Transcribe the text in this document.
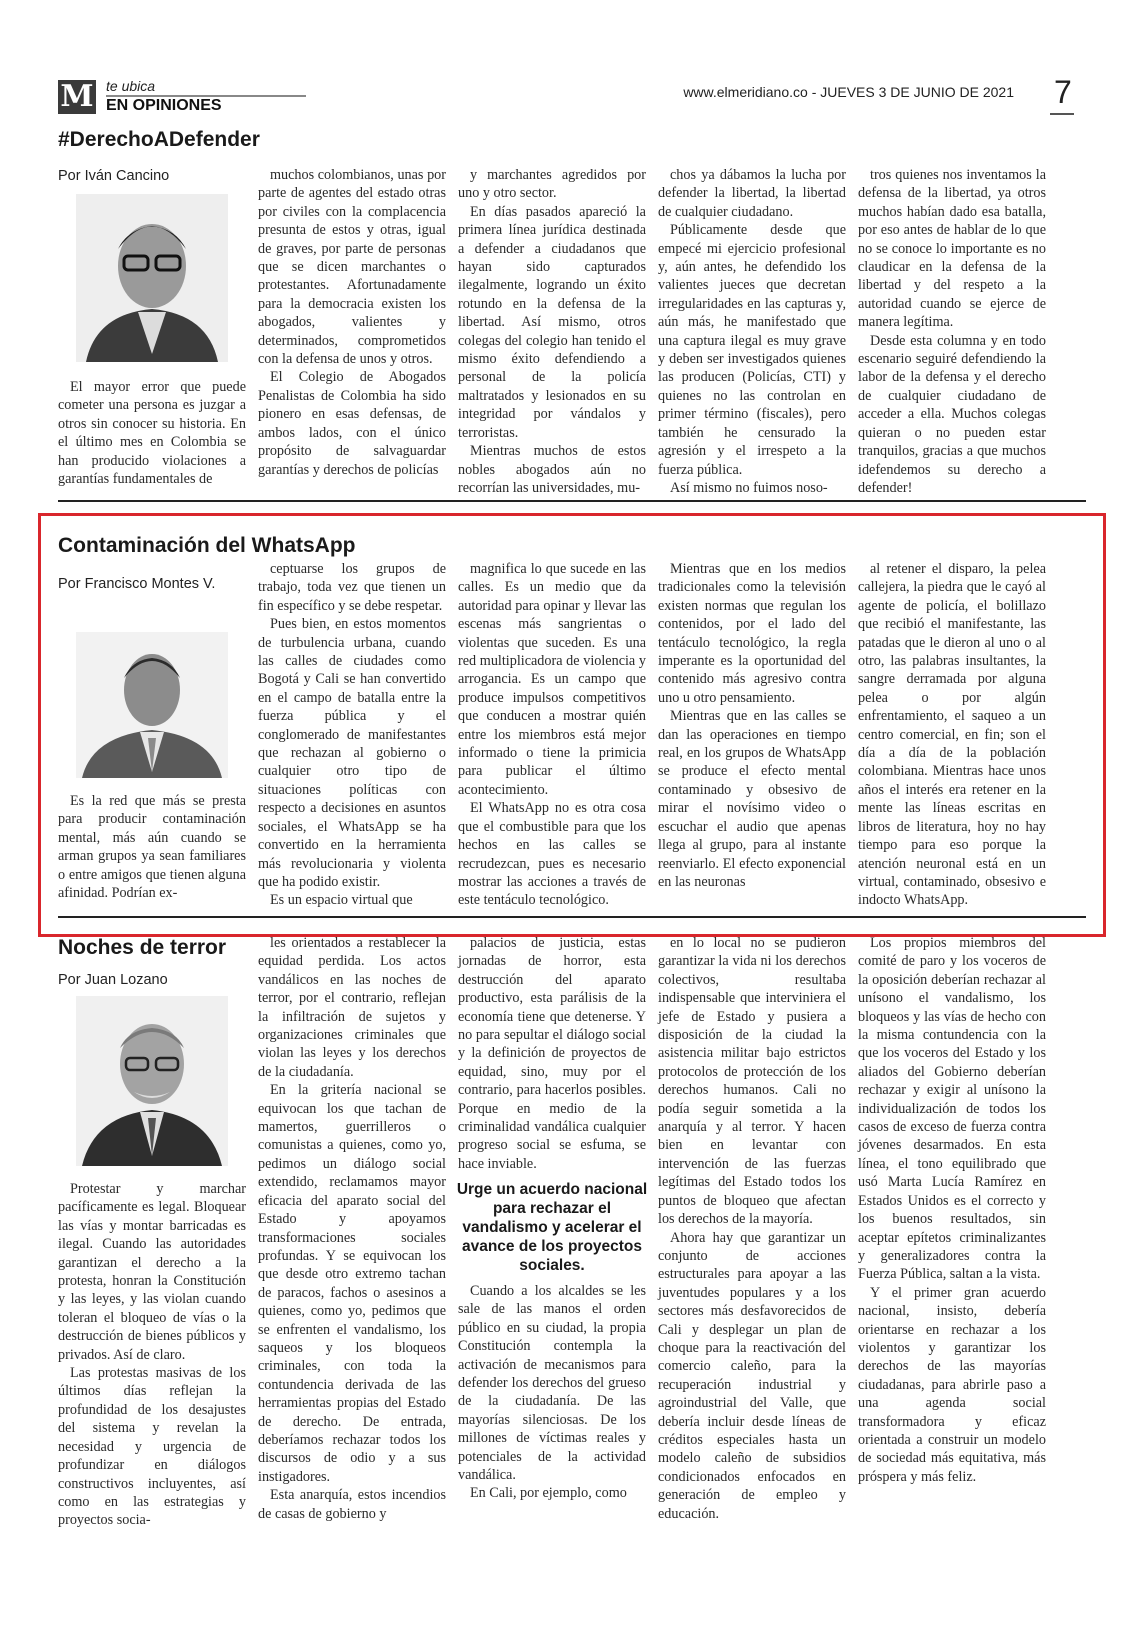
M te ubica
EN OPINIONES
www.elmeridiano.co - JUEVES 3 DE JUNIO DE 2021 7
#DerechoADefender
Por Iván Cancino

El mayor error que puede cometer una persona es juzgar a otros sin conocer su historia. En el último mes en Colombia se han producido violaciones a garantías fundamentales de

muchos colombianos, unas por parte de agentes del estado otras por civiles con la complacencia presunta de estos y otras, igual de graves, por parte de personas que se dicen marchantes o protestantes. Afortunadamente para la democracia existen los abogados, valientes y determinados, comprometidos con la defensa de unos y otros.

El Colegio de Abogados Penalistas de Colombia ha sido pionero en esas defensas, de ambos lados, con el único propósito de salvaguardar garantías y derechos de policías

y marchantes agredidos por uno y otro sector.

En días pasados apareció la primera línea jurídica destinada a defender a ciudadanos que hayan sido capturados ilegalmente, logrando un éxito rotundo en la defensa de la libertad. Así mismo, otros colegas del colegio han tenido el mismo éxito defendiendo a personal de la policía maltratados y lesionados en su integridad por vándalos y terroristas.

Mientras muchos de estos nobles abogados aún no recorrían las universidades, mu-

chos ya dábamos la lucha por defender la libertad, la libertad de cualquier ciudadano.

Públicamente desde que empecé mi ejercicio profesional y, aún antes, he defendido los valientes jueces que decretan irregularidades en las capturas y, aún más, he manifestado que una captura ilegal es muy grave y deben ser investigados quienes las producen (Policías, CTI) y quienes no las controlan en primer término (fiscales), pero también he censurado la agresión y el irrespeto a la fuerza pública.

Así mismo no fuimos noso-

tros quienes nos inventamos la defensa de la libertad, ya otros muchos habían dado esa batalla, por eso antes de hablar de lo que no se conoce lo importante es no claudicar en la defensa de la libertad y del respeto a la autoridad cuando se ejerce de manera legítima.

Desde esta columna y en todo escenario seguiré defendiendo la labor de la defensa y el derecho de cualquier ciudadano de acceder a ella. Muchos colegas quieran o no pueden estar tranquilos, gracias a que muchos idefendemos su derecho a defender!

Contaminación del WhatsApp
Por Francisco Montes V.

Es la red que más se presta para producir contaminación mental, más aún cuando se arman grupos ya sean familiares o entre amigos que tienen alguna afinidad. Podrían ex-

ceptuarse los grupos de trabajo, toda vez que tienen un fin específico y se debe respetar.

Pues bien, en estos momentos de turbulencia urbana, cuando las calles de ciudades como Bogotá y Cali se han convertido en el campo de batalla entre la fuerza pública y el conglomerado de manifestantes que rechazan al gobierno o cualquier otro tipo de situaciones políticas con respecto a decisiones en asuntos sociales, el WhatsApp se ha convertido en la herramienta más revolucionaria y violenta que ha podido existir.

Es un espacio virtual que

magnifica lo que sucede en las calles. Es un medio que da autoridad para opinar y llevar las escenas más sangrientas o violentas que suceden. Es una red multiplicadora de violencia y arrogancia. Es un campo que produce impulsos competitivos que conducen a mostrar quién entre los miembros está mejor informado o tiene la primicia para publicar el último acontecimiento.

El WhatsApp no es otra cosa que el combustible para que los hechos en las calles se recrudezcan, pues es necesario mostrar las acciones a través de este tentáculo tecnológico.

Mientras que en los medios tradicionales como la televisión existen normas que regulan los contenidos, por el lado del tentáculo tecnológico, la regla imperante es la oportunidad del contenido más agresivo contra uno u otro pensamiento.

Mientras que en las calles se dan las operaciones en tiempo real, en los grupos de WhatsApp se produce el efecto mental contaminado y obsesivo de mirar el novísimo video o escuchar el audio que apenas llega al grupo, para al instante reenviarlo. El efecto exponencial en las neuronas

al retener el disparo, la pelea callejera, la piedra que le cayó al agente de policía, el bolillazo que recibió el manifestante, las patadas que le dieron al uno o al otro, las palabras insultantes, la sangre derramada por alguna pelea o por algún enfrentamiento, el saqueo a un centro comercial, en fin; son el día a día de la población colombiana. Mientras hace unos años el interés era retener en la mente las líneas escritas en libros de literatura, hoy no hay tiempo para eso porque la atención neuronal está en un virtual, contaminado, obsesivo e indocto WhatsApp.

Noches de terror
Por Juan Lozano

Protestar y marchar pacíficamente es legal. Bloquear las vías y montar barricadas es ilegal. Cuando las autoridades garantizan el derecho a la protesta, honran la Constitución y las leyes, y las violan cuando toleran el bloqueo de vías o la destrucción de bienes públicos y privados. Así de claro.

Las protestas masivas de los últimos días reflejan la profundidad de los desajustes del sistema y revelan la necesidad y urgencia de profundizar en diálogos constructivos incluyentes, así como en las estrategias y proyectos socia-

les orientados a restablecer la equidad perdida. Los actos vandálicos en las noches de terror, por el contrario, reflejan la infiltración de sujetos y organizaciones criminales que violan las leyes y los derechos de la ciudadanía.

En la gritería nacional se equivocan los que tachan de mamertos, guerrilleros o comunistas a quienes, como yo, pedimos un diálogo social extendido, reclamamos mayor eficacia del aparato social del Estado y apoyamos transformaciones sociales profundas. Y se equivocan los que desde otro extremo tachan de paracos, fachos o asesinos a quienes, como yo, pedimos que se enfrenten el vandalismo, los saqueos y los bloqueos criminales, con toda la contundencia derivada de las herramientas propias del Estado de derecho. De entrada, deberíamos rechazar todos los discursos de odio y a sus instigadores.

Esta anarquía, estos incendios de casas de gobierno y

palacios de justicia, estas jornadas de horror, esta destrucción del aparato productivo, esta parálisis de la economía tiene que detenerse. Y no para sepultar el diálogo social y la definición de proyectos de equidad, sino, muy por el contrario, para hacerlos posibles. Porque en medio de la criminalidad vandálica cualquier progreso social se esfuma, se hace inviable.

Urge un acuerdo nacional para rechazar el vandalismo y acelerar el avance de los proyectos sociales.

Cuando a los alcaldes se les sale de las manos el orden público en su ciudad, la propia Constitución contempla la activación de mecanismos para defender los derechos del grueso de la ciudadanía. De las mayorías silenciosas. De los millones de víctimas reales y potenciales de la actividad vandálica.

En Cali, por ejemplo, como

en lo local no se pudieron garantizar la vida ni los derechos colectivos, resultaba indispensable que interviniera el jefe de Estado y pusiera a disposición de la ciudad la asistencia militar bajo estrictos protocolos de protección de los derechos humanos. Cali no podía seguir sometida a la anarquía y al terror. Y hacen bien en levantar con intervención de las fuerzas legítimas del Estado todos los puntos de bloqueo que afectan los derechos de la mayoría.

Ahora hay que garantizar un conjunto de acciones estructurales para apoyar a las juventudes populares y a los sectores más desfavorecidos de Cali y desplegar un plan de choque para la reactivación del comercio caleño, para la recuperación industrial y agroindustrial del Valle, que debería incluir desde líneas de créditos especiales hasta un modelo caleño de subsidios condicionados enfocados en generación de empleo y educación.

Los propios miembros del comité de paro y los voceros de la oposición deberían rechazar al unísono el vandalismo, los bloqueos y las vías de hecho con la misma contundencia con la que los voceros del Estado y los aliados del Gobierno deberían rechazar y exigir al unísono la individualización de todos los casos de exceso de fuerza contra jóvenes desarmados. En esta línea, el tono equilibrado que usó Marta Lucía Ramírez en Estados Unidos es el correcto y los buenos resultados, sin aceptar epítetos criminalizantes y generalizadores contra la Fuerza Pública, saltan a la vista.

Y el primer gran acuerdo nacional, insisto, debería orientarse en rechazar a los violentos y garantizar los derechos de las mayorías ciudadanas, para abrirle paso a una agenda social transformadora y eficaz orientada a construir un modelo de sociedad más equitativa, más próspera y más feliz.
